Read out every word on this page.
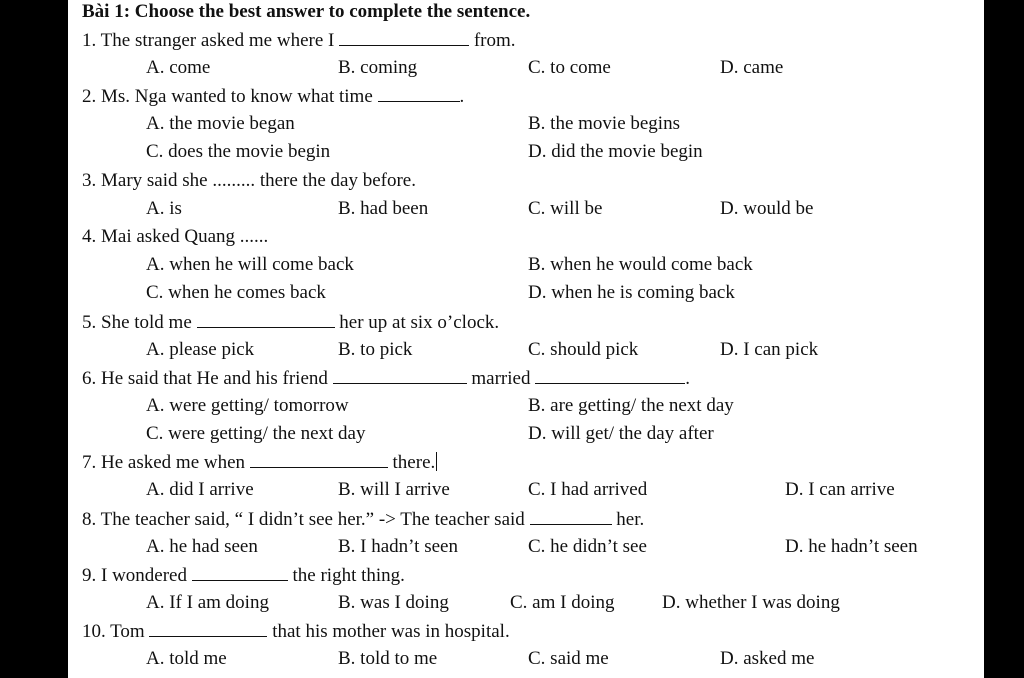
Bài 1: Choose the best answer to complete the sentence.
1. The stranger asked me where I	from.
A. come	B. coming	C. to come	D. came
2. Ms. Nga wanted to know what time	.
A. the movie began	B. the movie begins
C. does the movie begin	D. did the movie begin
3. Mary said she ......... there the day before.
A. is	B. had been	C. will be	D. would be
4. Mai asked Quang ......
A. when he will come back	B. when he would come back
C. when he comes back	D. when he is coming back
5. She told me	her up at six o’clock.
A. please pick	B. to pick	C. should pick	D. I can pick
6. He said that He and his friend	married	.
A. were getting/ tomorrow	B. are getting/ the next day
C. were getting/ the next day	D. will get/ the day after
7. He asked me when	there.
A. did I arrive	B. will I arrive	C. I had arrived	D. I can arrive
8. The teacher said, “ I didn’t see her.” -> The teacher said	her.
A. he had seen	B. I hadn’t seen	C. he didn’t see	D. he hadn’t seen
9. I wondered	the right thing.
A. If I am doing	B. was I doing	C. am I doing	D. whether I was doing
10. Tom	that his mother was in hospital.
A. told me	B. told to me	C. said me	D. asked me
